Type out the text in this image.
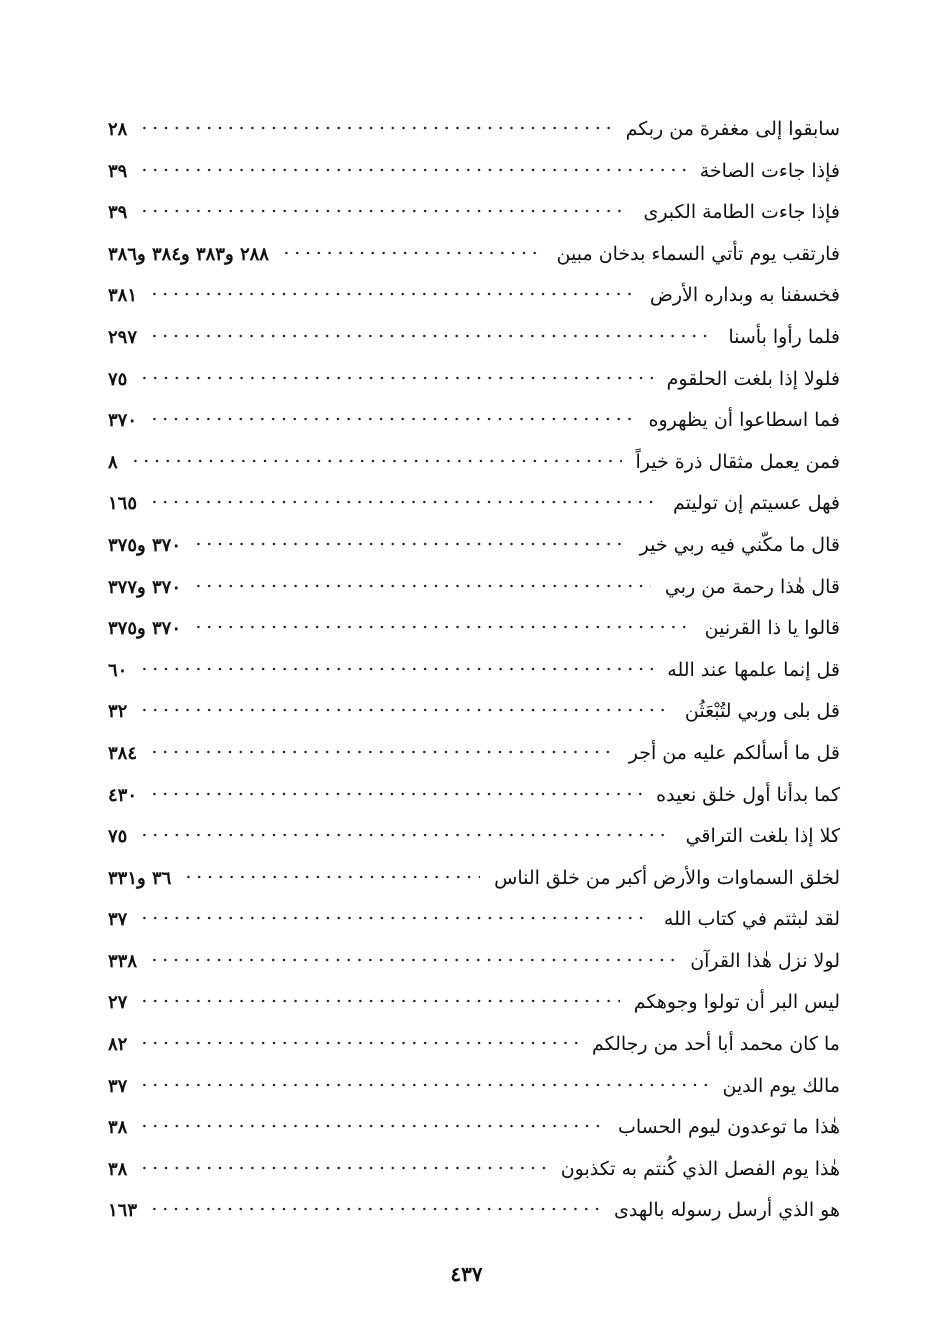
سابقوا إلى مغفرة من ربكم
٢٨
فإذا جاءت الصاخة
٣٩
فإذا جاءت الطامة الكبرى
٣٩
فارتقب يوم تأتي السماء بدخان مبين
٢٨٨ و٣٨٣ و٣٨٤ و٣٨٦
فخسفنا به وبداره الأرض
٣٨١
فلما رأوا بأسنا
٢٩٧
فلولا إذا بلغت الحلقوم
٧٥
فما اسطاعوا أن يظهروه
٣٧٠
فمن يعمل مثقال ذرة خيراً
٨
فهل عسيتم إن توليتم
١٦٥
قال ما مكّني فيه ربي خير
٣٧٠ و٣٧٥
قال هٰذا رحمة من ربي
٣٧٠ و٣٧٧
قالوا يا ذا القرنين
٣٧٠ و٣٧٥
قل إنما علمها عند الله
٦٠
قل بلى وربي لتُبْعَثُن
٣٢
قل ما أسألكم عليه من أجر
٣٨٤
كما بدأنا أول خلق نعيده
٤٣٠
كلا إذا بلغت التراقي
٧٥
لخلق السماوات والأرض أكبر من خلق الناس
٣٦ و٣٣١
لقد لبثتم في كتاب الله
٣٧
لولا نزل هٰذا القرآن
٣٣٨
ليس البر أن تولوا وجوهكم
٢٧
ما كان محمد أبا أحد من رجالكم
٨٢
مالك يوم الدين
٣٧
هٰذا ما توعدون ليوم الحساب
٣٨
هٰذا يوم الفصل الذي كُنتم به تكذبون
٣٨
هو الذي أرسل رسوله بالهدى
١٦٣
٤٣٧
